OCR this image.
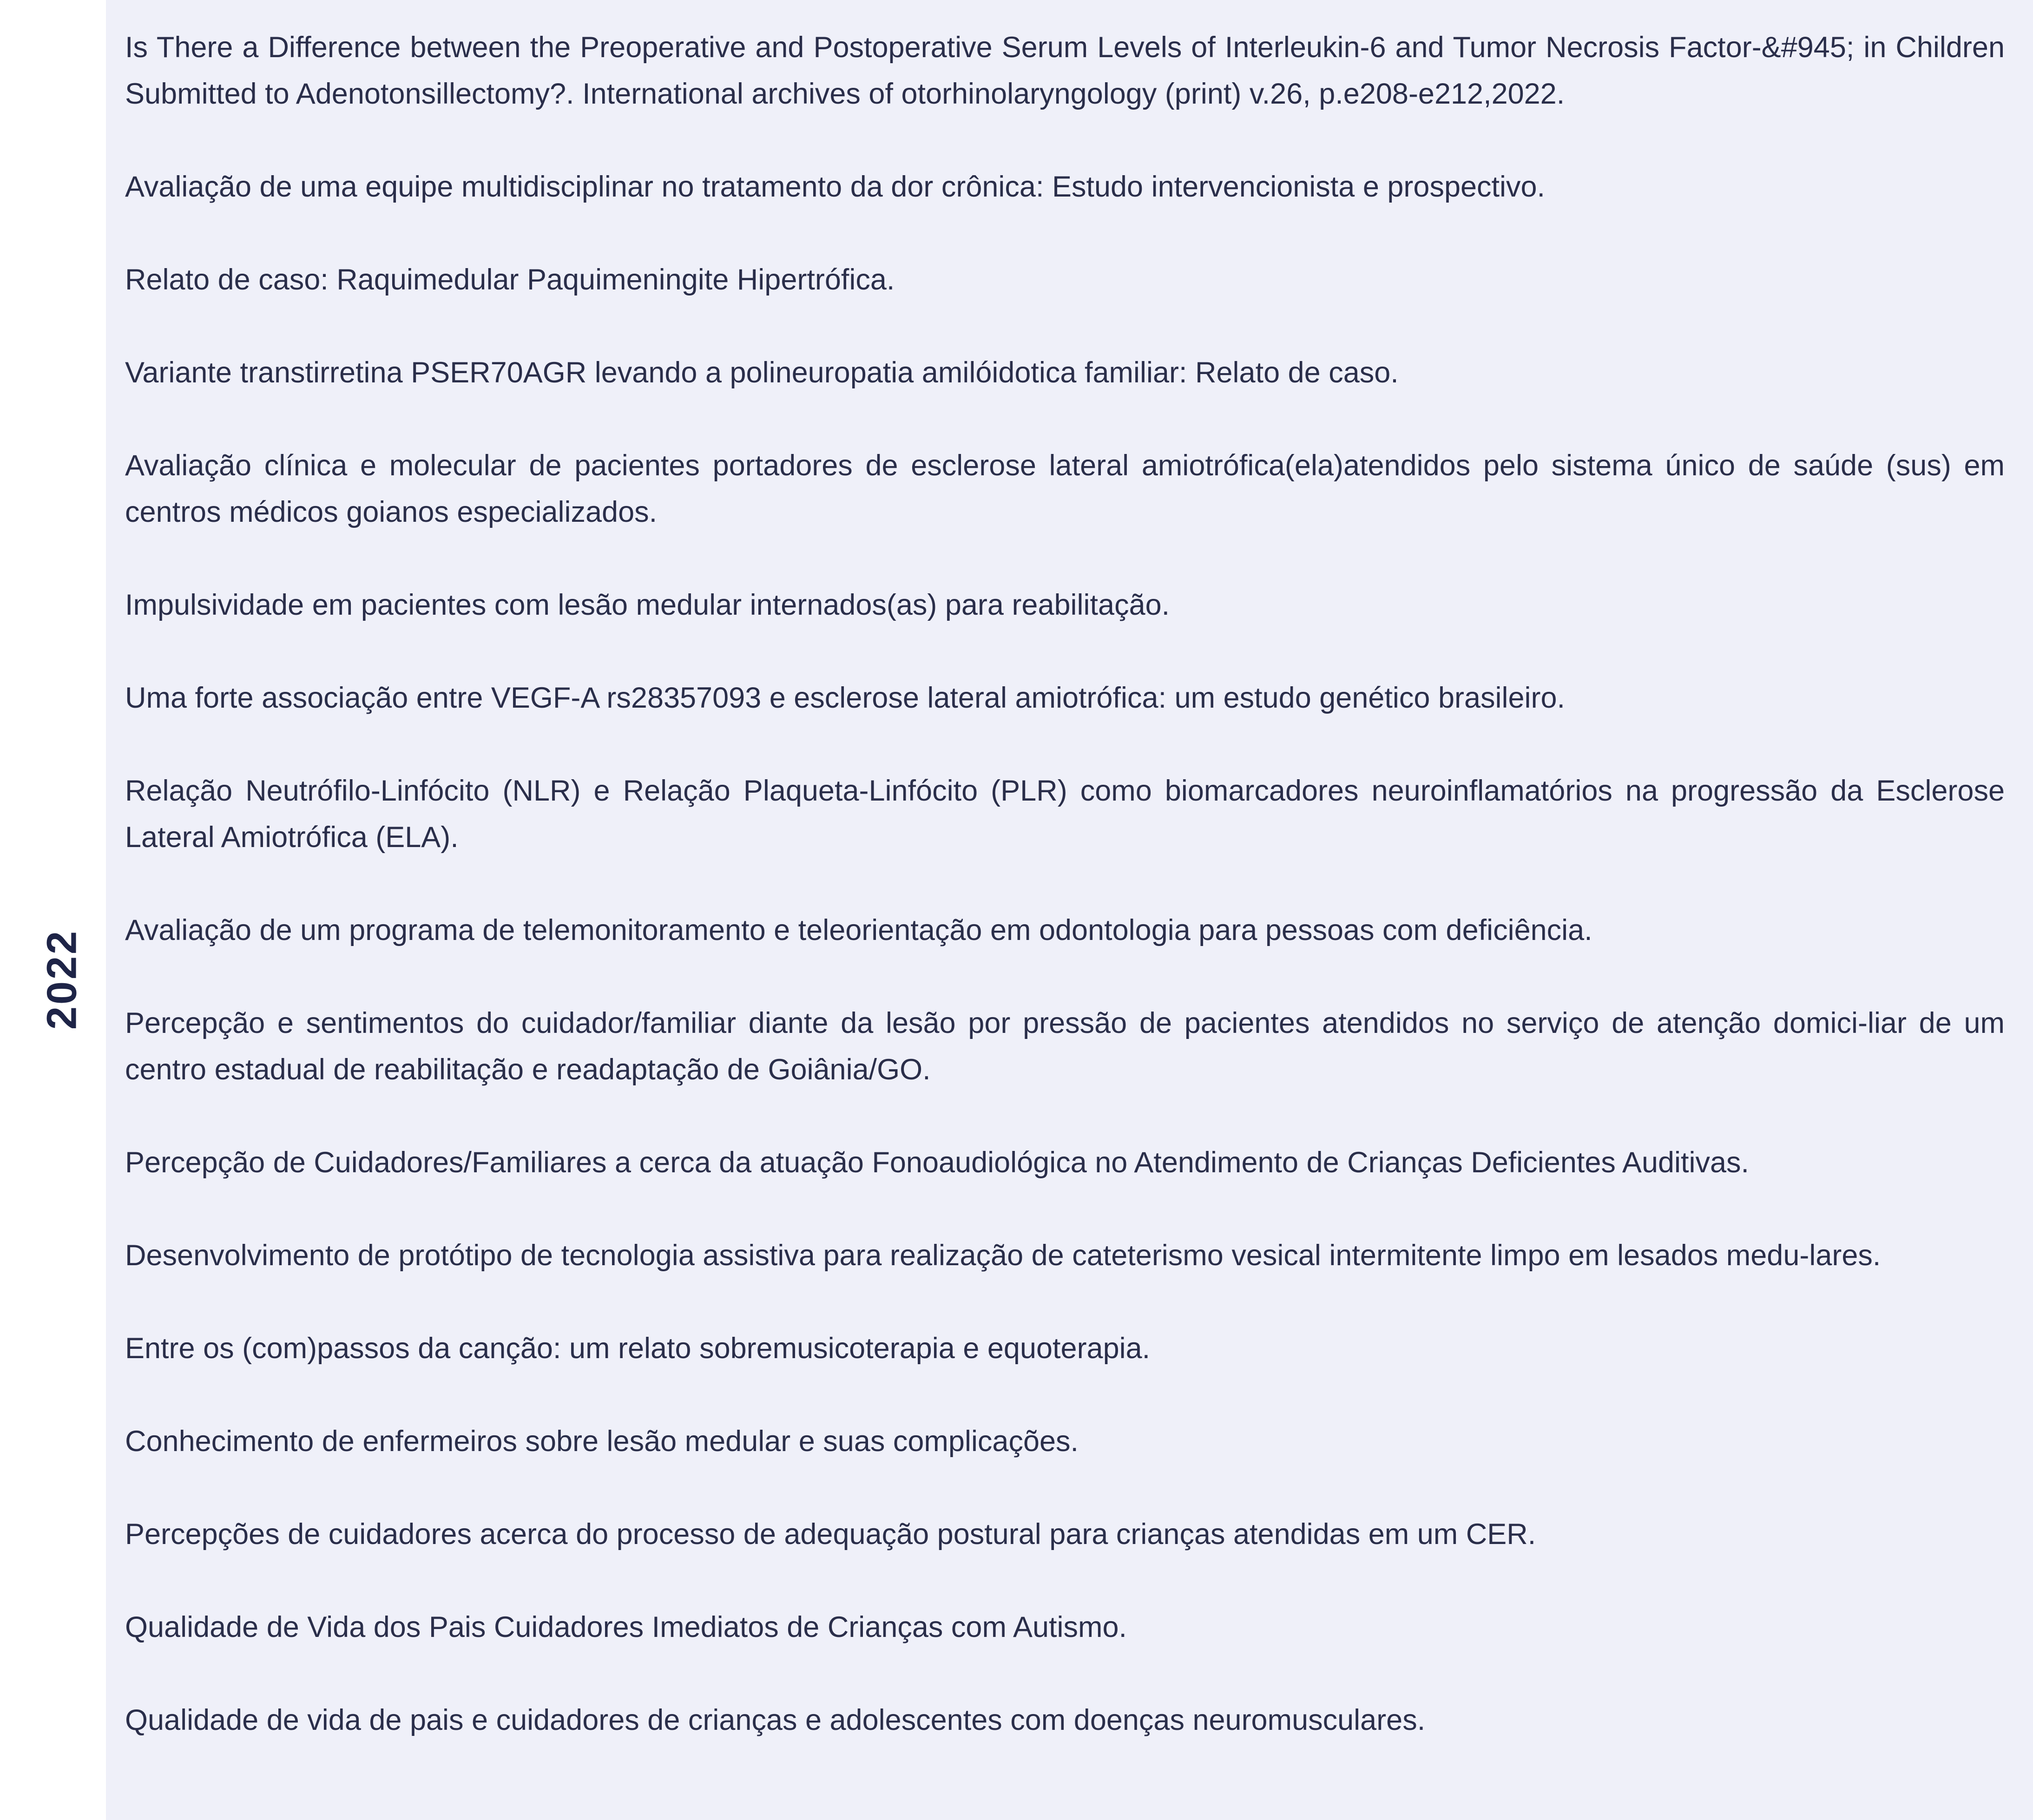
2022
Is There a Difference between the Preoperative and Postoperative Serum Levels of Interleukin-6 and Tumor Necrosis Factor-&#945; in Children Submitted to Adenotonsillectomy?. International archives of otorhinolaryngology (print) v.26, p.e208-e212,2022.
Avaliação de uma equipe multidisciplinar no tratamento da dor crônica: Estudo intervencionista e prospectivo.
Relato de caso: Raquimedular Paquimeningite Hipertrófica.
Variante transtirretina PSER70AGR levando a polineuropatia amilóidotica familiar: Relato de caso.
Avaliação clínica e molecular de pacientes portadores de esclerose lateral amiotrófica(ela)atendidos pelo sistema único de saúde (sus) em centros médicos goianos especializados.
Impulsividade em pacientes com lesão medular internados(as) para reabilitação.
Uma forte associação entre VEGF-A rs28357093 e esclerose lateral amiotrófica: um estudo genético brasileiro.
Relação Neutrófilo-Linfócito (NLR) e Relação Plaqueta-Linfócito (PLR) como biomarcadores neuroinflamatórios na progressão da Esclerose Lateral Amiotrófica (ELA).
Avaliação de um programa de telemonitoramento e teleorientação em odontologia para pessoas com deficiência.
Percepção e sentimentos do cuidador/familiar diante da lesão por pressão de pacientes atendidos no serviço de atenção domici-liar de um centro estadual de reabilitação e readaptação de Goiânia/GO.
Percepção de Cuidadores/Familiares a cerca da atuação Fonoaudiológica no Atendimento de Crianças Deficientes Auditivas.
Desenvolvimento de protótipo de tecnologia assistiva para realização de cateterismo vesical intermitente limpo em lesados medu-lares.
Entre os (com)passos da canção: um relato sobremusicoterapia e equoterapia.
Conhecimento de enfermeiros sobre lesão medular e suas complicações.
Percepções de cuidadores acerca do processo de adequação postural para crianças atendidas em um CER.
Qualidade de Vida dos Pais Cuidadores Imediatos de Crianças com Autismo.
Qualidade de vida de pais e cuidadores de crianças e adolescentes com doenças neuromusculares.
